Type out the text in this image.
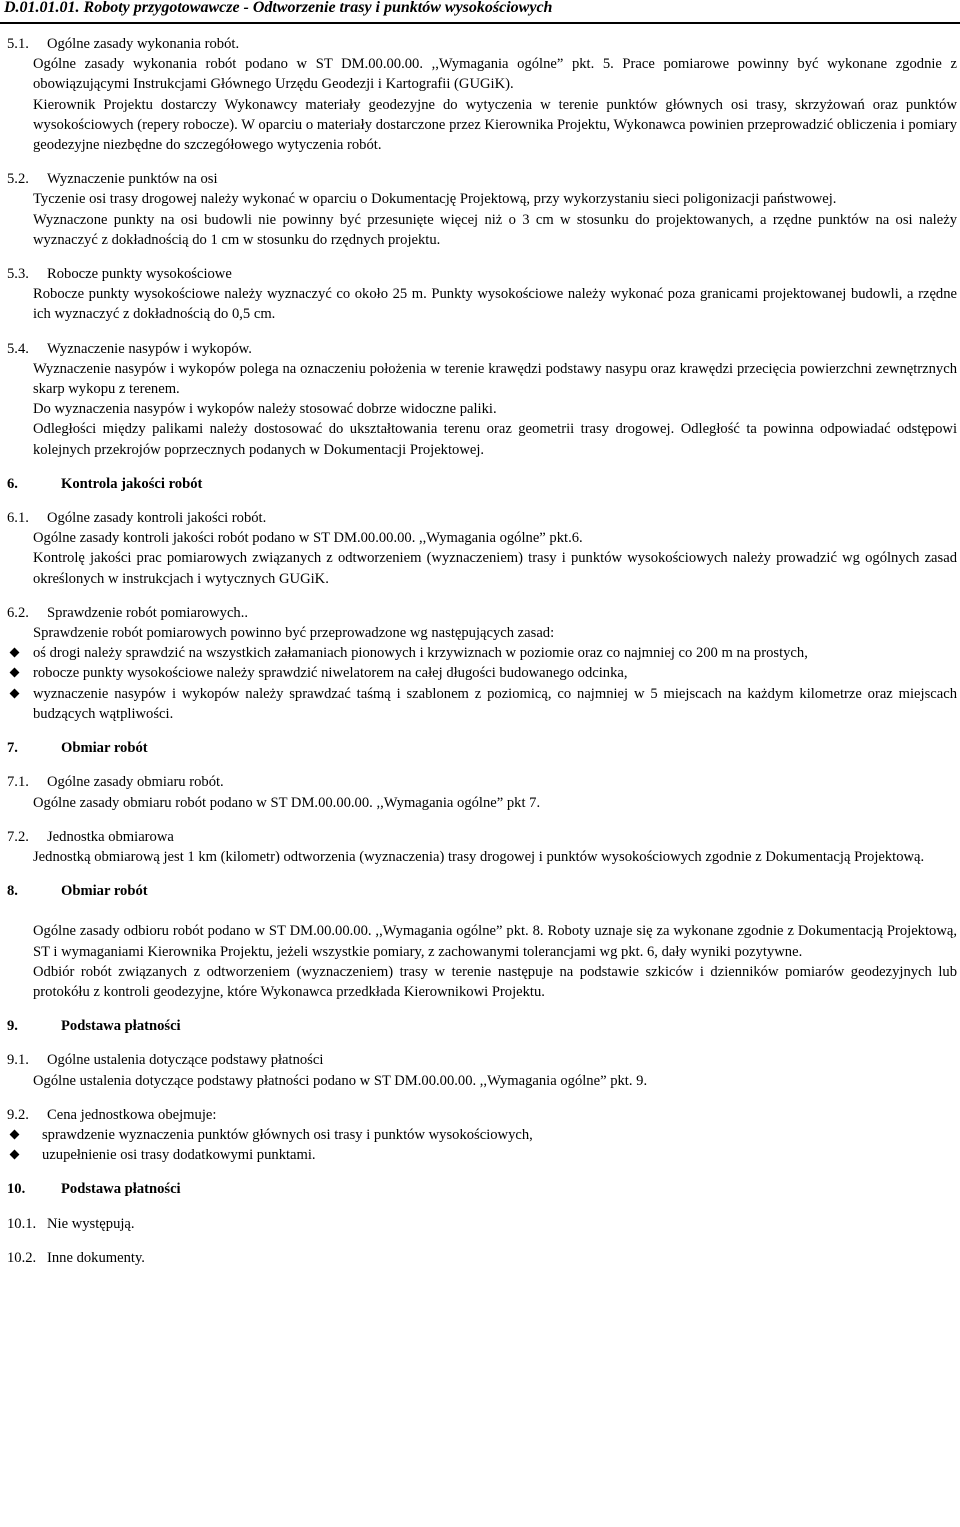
D.01.01.01. Roboty przygotowawcze - Odtworzenie trasy i punktów wysokościowych
5.1.	Ogólne zasady wykonania robót.
Ogólne zasady wykonania robót podano w ST DM.00.00.00. ,,Wymagania ogólne” pkt. 5. Prace pomiarowe powinny być wykonane zgodnie z obowiązującymi Instrukcjami Głównego Urzędu Geodezji i Kartografii (GUGiK).
Kierownik Projektu dostarczy Wykonawcy materiały geodezyjne do wytyczenia w terenie punktów głównych osi trasy, skrzyżowań oraz punktów wysokościowych (repery robocze). W oparciu o materiały dostarczone przez Kierownika Projektu, Wykonawca powinien przeprowadzić obliczenia i pomiary geodezyjne niezbędne do szczegółowego wytyczenia robót.
5.2.	Wyznaczenie punktów na osi
Tyczenie osi trasy drogowej należy wykonać w oparciu o Dokumentację Projektową, przy wykorzystaniu sieci poligonizacji państwowej.
Wyznaczone punkty na osi budowli nie powinny być przesunięte więcej niż o 3 cm w stosunku do projektowanych, a rzędne punktów na osi należy wyznaczyć z dokładnością do 1 cm w stosunku do rzędnych projektu.
5.3.	Robocze punkty wysokościowe
Robocze punkty wysokościowe należy wyznaczyć co około 25 m. Punkty wysokościowe należy wykonać poza granicami projektowanej budowli, a rzędne ich wyznaczyć z dokładnością do 0,5 cm.
5.4.	Wyznaczenie nasypów i wykopów.
Wyznaczenie nasypów i wykopów polega na oznaczeniu położenia w terenie krawędzi podstawy nasypu oraz krawędzi przecięcia powierzchni zewnętrznych skarp wykopu z terenem.
Do wyznaczenia nasypów i wykopów należy stosować dobrze widoczne paliki.
Odległości między palikami należy dostosować do ukształtowania terenu oraz geometrii trasy drogowej. Odległość ta powinna odpowiadać odstępowi kolejnych przekrojów poprzecznych podanych w Dokumentacji Projektowej.
6.	Kontrola jakości robót
6.1.	Ogólne zasady kontroli jakości robót.
Ogólne zasady kontroli jakości robót podano w ST DM.00.00.00. ,,Wymagania ogólne” pkt.6.
Kontrolę jakości prac pomiarowych związanych z odtworzeniem (wyznaczeniem) trasy i punktów wysokościowych należy prowadzić wg ogólnych zasad określonych w instrukcjach i wytycznych GUGiK.
6.2.	Sprawdzenie robót pomiarowych..
Sprawdzenie robót pomiarowych powinno być przeprowadzone wg następujących zasad:
oś drogi należy sprawdzić na wszystkich załamaniach pionowych i krzywiznach w poziomie oraz co najmniej co 200 m na prostych,
robocze punkty wysokościowe należy sprawdzić niwelatorem na całej długości budowanego odcinka,
wyznaczenie nasypów i wykopów należy sprawdzać taśmą i szablonem z poziomicą, co najmniej w 5 miejscach na każdym kilometrze oraz miejscach budzących wątpliwości.
7.	Obmiar robót
7.1.	Ogólne zasady obmiaru robót.
Ogólne zasady obmiaru robót podano w ST DM.00.00.00. ,,Wymagania ogólne” pkt 7.
7.2.	Jednostka obmiarowa
Jednostką obmiarową jest 1 km (kilometr) odtworzenia (wyznaczenia) trasy drogowej i punktów wysokościowych zgodnie z Dokumentacją Projektową.
8.	Obmiar robót
Ogólne zasady odbioru robót podano w ST DM.00.00.00. ,,Wymagania ogólne” pkt. 8. Roboty uznaje się za wykonane zgodnie z Dokumentacją Projektową, ST i wymaganiami Kierownika Projektu, jeżeli wszystkie pomiary, z zachowanymi tolerancjami wg pkt. 6, dały wyniki pozytywne.
Odbiór robót związanych z odtworzeniem (wyznaczeniem) trasy w terenie następuje na podstawie szkiców i dzienników pomiarów geodezyjnych lub protokółu z kontroli geodezyjne, które Wykonawca przedkłada Kierownikowi Projektu.
9.	Podstawa płatności
9.1.	Ogólne ustalenia dotyczące podstawy płatności
Ogólne ustalenia dotyczące podstawy płatności podano w ST DM.00.00.00. ,,Wymagania ogólne” pkt. 9.
9.2.	Cena jednostkowa obejmuje:
sprawdzenie wyznaczenia punktów głównych osi trasy i punktów wysokościowych,
uzupełnienie osi trasy dodatkowymi punktami.
10.	Podstawa płatności
10.1. Nie występują.
10.2. Inne dokumenty.
